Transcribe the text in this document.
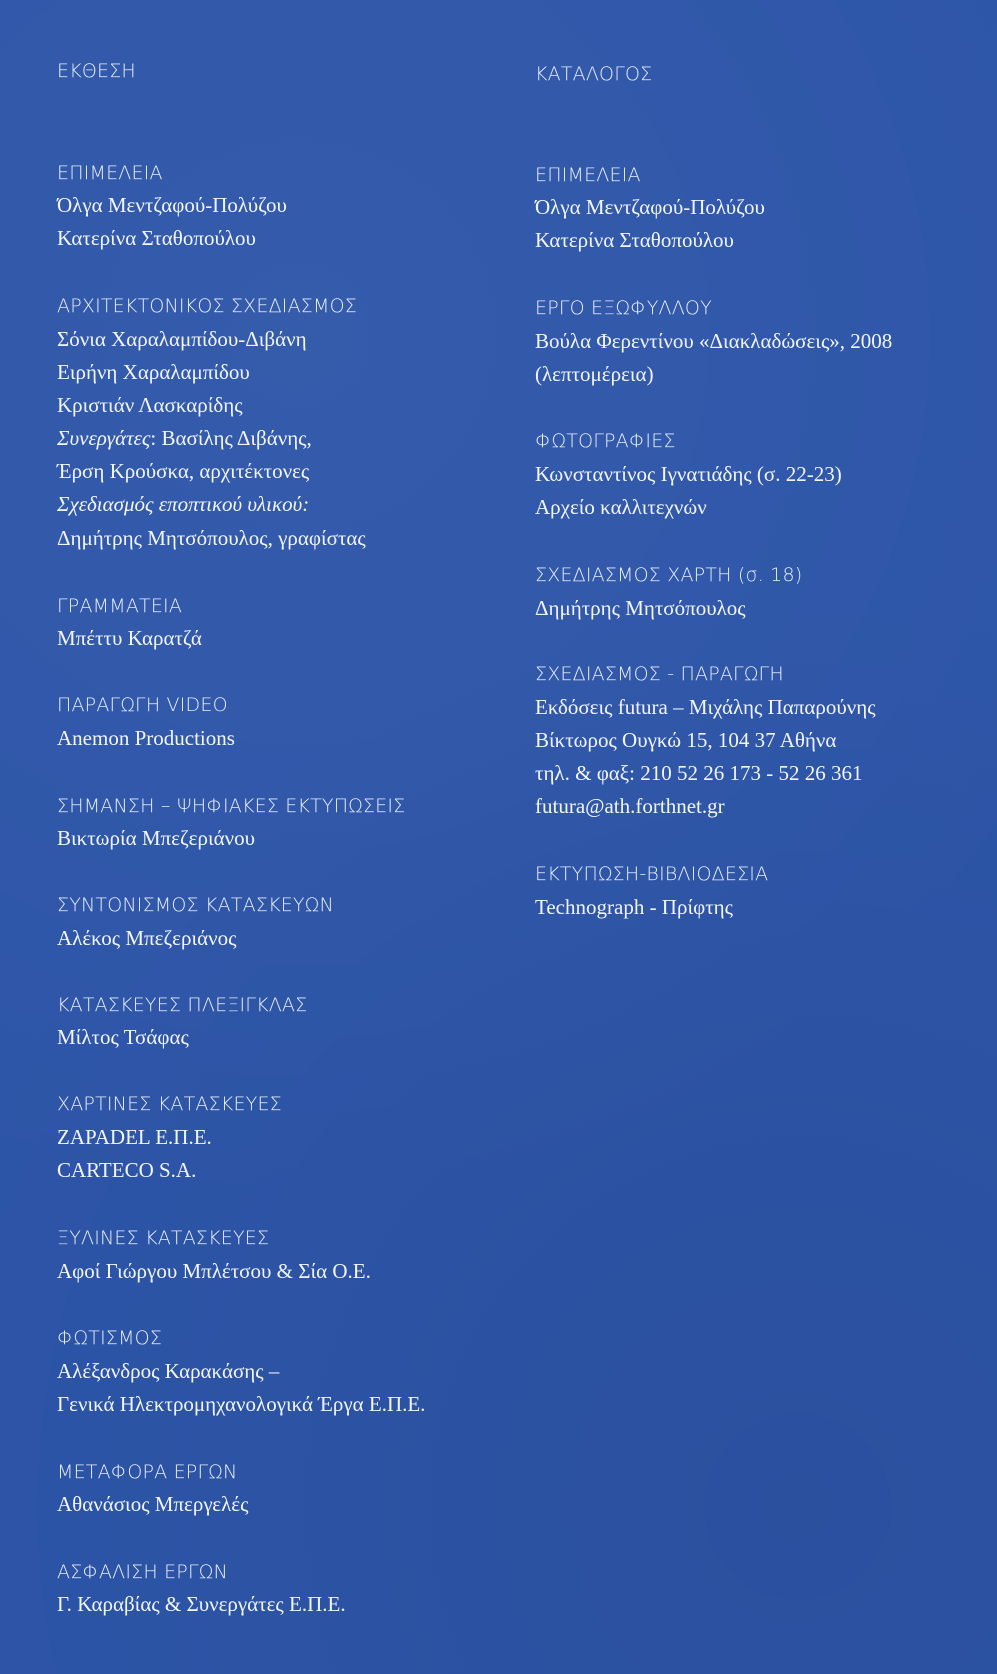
ΕΚΘΕΣΗ
ΕΠΙΜΕΛΕΙΑ
Όλγα Μεντζαφού-Πολύζου
Κατερίνα Σταθοπούλου
ΑΡΧΙΤΕΚΤΟΝΙΚΟΣ ΣΧΕΔΙΑΣΜΟΣ
Σόνια Χαραλαμπίδου-Διβάνη
Ειρήνη Χαραλαμπίδου
Κριστιάν Λασκαρίδης
Συνεργάτες: Βασίλης Διβάνης,
Έρση Κρούσκα, αρχιτέκτονες
Σχεδιασμός εποπτικού υλικού:
Δημήτρης Μητσόπουλος, γραφίστας
ΓΡΑΜΜΑΤΕΙΑ
Μπέττυ Καρατζά
ΠΑΡΑΓΩΓΗ VIDEO
Anemon Productions
ΣΗΜΑΝΣΗ – ΨΗΦΙΑΚΕΣ ΕΚΤΥΠΩΣΕΙΣ
Βικτωρία Μπεζεριάνου
ΣΥΝΤΟΝΙΣΜΟΣ ΚΑΤΑΣΚΕΥΩΝ
Αλέκος Μπεζεριάνος
ΚΑΤΑΣΚΕΥΕΣ ΠΛΕΞΙΓΚΛΑΣ
Μίλτος Τσάφας
ΧΑΡΤΙΝΕΣ ΚΑΤΑΣΚΕΥΕΣ
ZAPADEL Ε.Π.Ε.
CARTECO S.A.
ΞΥΛΙΝΕΣ ΚΑΤΑΣΚΕΥΕΣ
Αφοί Γιώργου Μπλέτσου & Σία Ο.Ε.
ΦΩΤΙΣΜΟΣ
Αλέξανδρος Καρακάσης –
Γενικά Ηλεκτρομηχανολογικά Έργα Ε.Π.Ε.
ΜΕΤΑΦΟΡΑ ΕΡΓΩΝ
Αθανάσιος Μπεργελές
ΑΣΦΑΛΙΣΗ ΕΡΓΩΝ
Γ. Καραβίας & Συνεργάτες Ε.Π.Ε.
ΚΑΤΑΛΟΓΟΣ
ΕΠΙΜΕΛΕΙΑ
Όλγα Μεντζαφού-Πολύζου
Κατερίνα Σταθοπούλου
ΕΡΓΟ ΕΞΩΦΥΛΛΟΥ
Βούλα Φερεντίνου «Διακλαδώσεις», 2008
(λεπτομέρεια)
ΦΩΤΟΓΡΑΦΙΕΣ
Κωνσταντίνος Ιγνατιάδης (σ. 22-23)
Αρχείο καλλιτεχνών
ΣΧΕΔΙΑΣΜΟΣ ΧΑΡΤΗ (σ. 18)
Δημήτρης Μητσόπουλος
ΣΧΕΔΙΑΣΜΟΣ - ΠΑΡΑΓΩΓΗ
Εκδόσεις futura – Μιχάλης Παπαρούνης
Βίκτωρος Ουγκώ 15, 104 37 Αθήνα
τηλ. & φαξ: 210 52 26 173 - 52 26 361
futura@ath.forthnet.gr
ΕΚΤΥΠΩΣΗ-ΒΙΒΛΙΟΔΕΣΙΑ
Technograph - Πρίφτης
